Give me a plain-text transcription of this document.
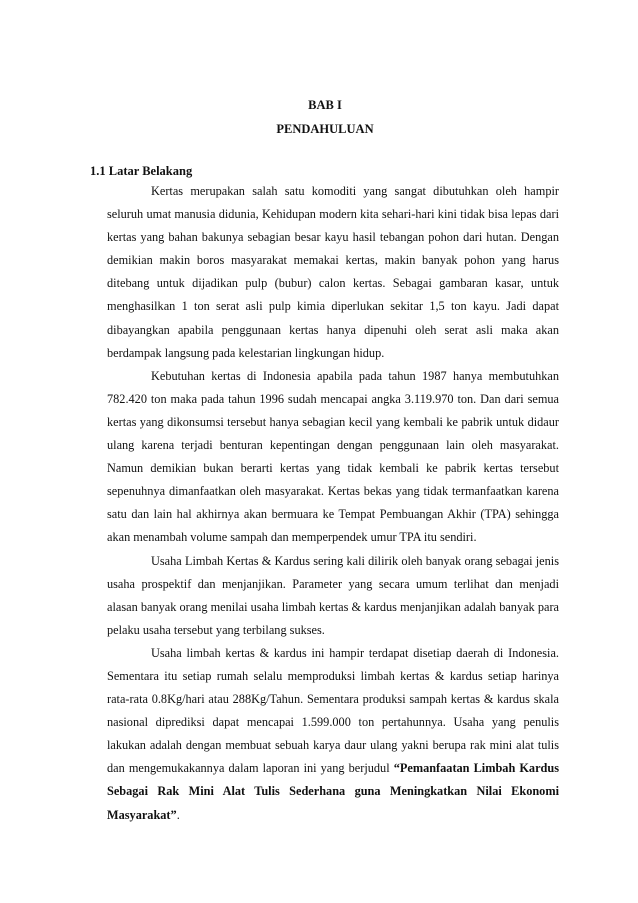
BAB I
PENDAHULUAN
1.1 Latar Belakang

Kertas merupakan salah satu komoditi yang sangat dibutuhkan oleh hampir seluruh umat manusia didunia, Kehidupan modern kita sehari-hari kini tidak bisa lepas dari kertas yang bahan bakunya sebagian besar kayu hasil tebangan pohon dari hutan. Dengan demikian makin boros masyarakat memakai kertas, makin banyak pohon yang harus ditebang untuk dijadikan pulp (bubur) calon kertas. Sebagai gambaran kasar, untuk menghasilkan 1 ton serat asli pulp kimia diperlukan sekitar 1,5 ton kayu. Jadi dapat dibayangkan apabila penggunaan kertas hanya dipenuhi oleh serat asli maka akan berdampak langsung pada kelestarian lingkungan hidup.

Kebutuhan kertas di Indonesia apabila pada tahun 1987 hanya membutuhkan 782.420 ton maka pada tahun 1996 sudah mencapai angka 3.119.970 ton. Dan dari semua kertas yang dikonsumsi tersebut hanya sebagian kecil yang kembali ke pabrik untuk didaur ulang karena terjadi benturan kepentingan dengan penggunaan lain oleh masyarakat. Namun demikian bukan berarti kertas yang tidak kembali ke pabrik kertas tersebut sepenuhnya dimanfaatkan oleh masyarakat. Kertas bekas yang tidak termanfaatkan karena satu dan lain hal akhirnya akan bermuara ke Tempat Pembuangan Akhir (TPA) sehingga akan menambah volume sampah dan memperpendek umur TPA itu sendiri.

Usaha Limbah Kertas & Kardus sering kali dilirik oleh banyak orang sebagai jenis usaha prospektif dan menjanjikan. Parameter yang secara umum terlihat dan menjadi alasan banyak orang menilai usaha limbah kertas & kardus menjanjikan adalah banyak para pelaku usaha tersebut yang terbilang sukses.

Usaha limbah kertas & kardus ini hampir terdapat disetiap daerah di Indonesia. Sementara itu setiap rumah selalu memproduksi limbah kertas & kardus setiap harinya rata-rata 0.8Kg/hari atau 288Kg/Tahun. Sementara produksi sampah kertas & kardus skala nasional diprediksi dapat mencapai 1.599.000 ton pertahunnya. Usaha yang penulis lakukan adalah dengan membuat sebuah karya daur ulang yakni berupa rak mini alat tulis dan mengemukakannya dalam laporan ini yang berjudul “Pemanfaatan Limbah Kardus Sebagai Rak Mini Alat Tulis Sederhana guna Meningkatkan Nilai Ekonomi Masyarakat”.
